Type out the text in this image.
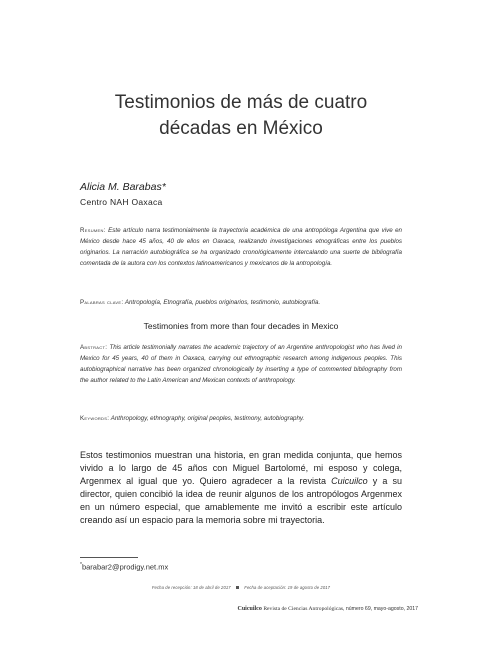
Testimonios de más de cuatro
décadas en México
Alicia M. Barabas*
Centro NAH Oaxaca

Resumen: Este artículo narra testimonialmente la trayectoria académica de una antropóloga Argentina que vive en México desde hace 45 años, 40 de ellos en Oaxaca, realizando investigaciones etnográficas entre los pueblos originarios. La narración autobiográfica se ha organizado cronológicamente intercalando una suerte de bibliografía comentada de la autora con los contextos latinoamericanos y mexicanos de la antropología.

Palabras clave: Antropología, Etnografía, pueblos originarios, testimonio, autobiografía.

Testimonies from more than four decades in Mexico

Abstract: This article testimonially narrates the academic trajectory of an Argentine anthropologist who has lived in Mexico for 45 years, 40 of them in Oaxaca, carrying out ethnographic research among indigenous peoples. This autobiographical narrative has been organized chronologically by inserting a type of commented bibliography from the author related to the Latin American and Mexican contexts of anthropology.

Keywords: Anthropology, ethnography, original peoples, testimony, autobiography.

Estos testimonios muestran una historia, en gran medida conjunta, que hemos vivido a lo largo de 45 años con Miguel Bartolomé, mi esposo y colega, Argenmex al igual que yo. Quiero agradecer a la revista Cuicuilco y a su director, quien concibió la idea de reunir algunos de los antropólogos Argenmex en un número especial, que amablemente me invitó a escribir este artículo creando así un espacio para la memoria sobre mi trayectoria.

*barabar2@prodigy.net.mx
Fecha de recepción: 18 de abril de 2017	Fecha de aceptación: 19 de agosto de 2017
Cuicuilco Revista de Ciencias Antropológicas, número 69, mayo-agosto, 2017
